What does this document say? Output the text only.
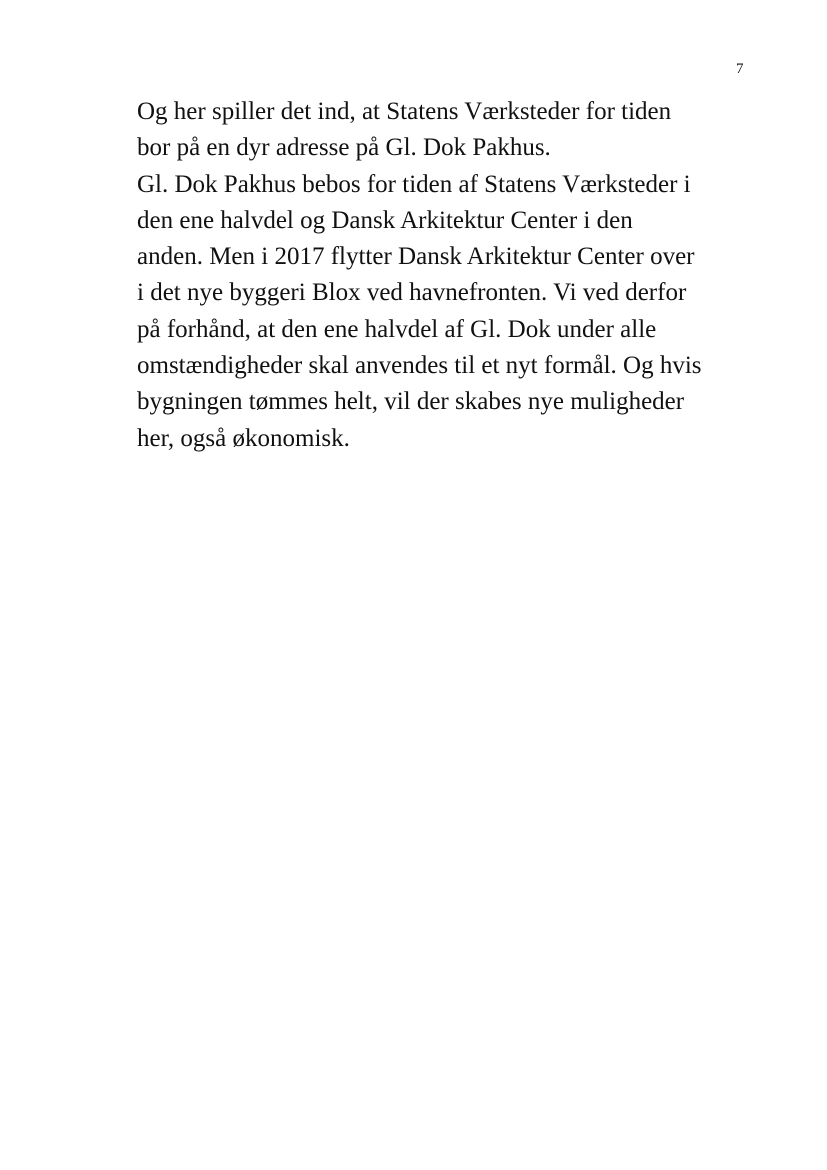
7
Og her spiller det ind, at Statens Værksteder for tiden
bor på en dyr adresse på Gl. Dok Pakhus.
Gl. Dok Pakhus bebos for tiden af Statens Værksteder i
den ene halvdel og Dansk Arkitektur Center i den
anden. Men i 2017 flytter Dansk Arkitektur Center over
i det nye byggeri Blox ved havnefronten. Vi ved derfor
på forhånd, at den ene halvdel af Gl. Dok under alle
omstændigheder skal anvendes til et nyt formål. Og hvis
bygningen tømmes helt, vil der skabes nye muligheder
her, også økonomisk.
